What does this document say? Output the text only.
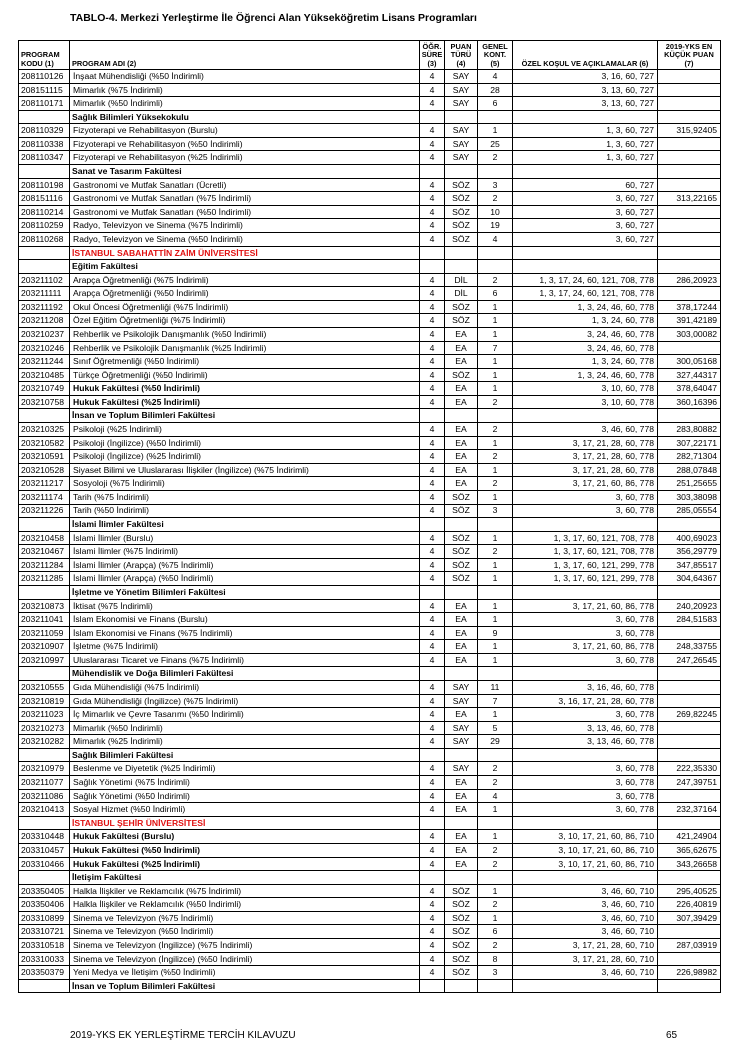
TABLO-4. Merkezi Yerleştirme İle Öğrenci Alan Yükseköğretim Lisans Programları
PROGRAM KODU (1)	PROGRAM ADI (2)	ÖĞR. SÜRE (3)	PUAN TÜRÜ (4)	GENEL KONT. (5)	ÖZEL KOŞUL VE AÇIKLAMALAR (6)	2019-YKS EN KÜÇÜK PUAN (7)
208110126	İnşaat Mühendisliği (%50 İndirimli)	4	SAY	4	3, 16, 60, 727	
208151115	Mimarlık (%75 İndirimli)	4	SAY	28	3, 13, 60, 727	
208110171	Mimarlık (%50 İndirimli)	4	SAY	6	3, 13, 60, 727	
	Sağlık Bilimleri Yüksekokulu					
208110329	Fizyoterapi ve Rehabilitasyon (Burslu)	4	SAY	1	1, 3, 60, 727	315,92405
208110338	Fizyoterapi ve Rehabilitasyon (%50 İndirimli)	4	SAY	25	1, 3, 60, 727	
208110347	Fizyoterapi ve Rehabilitasyon (%25 İndirimli)	4	SAY	2	1, 3, 60, 727	
	Sanat ve Tasarım Fakültesi					
208110198	Gastronomi ve Mutfak Sanatları (Ücretli)	4	SÖZ	3	60, 727	
208151116	Gastronomi ve Mutfak Sanatları (%75 İndirimli)	4	SÖZ	2	3, 60, 727	313,22165
208110214	Gastronomi ve Mutfak Sanatları (%50 İndirimli)	4	SÖZ	10	3, 60, 727	
208110259	Radyo, Televizyon ve Sinema (%75 İndirimli)	4	SÖZ	19	3, 60, 727	
208110268	Radyo, Televizyon ve Sinema (%50 İndirimli)	4	SÖZ	4	3, 60, 727	
	İSTANBUL SABAHATTİN ZAİM ÜNİVERSİTESİ					
	Eğitim Fakültesi					
203211102	Arapça Öğretmenliği (%75 İndirimli)	4	DİL	2	1, 3, 17, 24, 60, 121, 708, 778	286,20923
203211111	Arapça Öğretmenliği (%50 İndirimli)	4	DİL	6	1, 3, 17, 24, 60, 121, 708, 778	
203211192	Okul Öncesi Öğretmenliği (%75 İndirimli)	4	SÖZ	1	1, 3, 24, 46, 60, 778	378,17244
203211208	Özel Eğitim Öğretmenliği (%75 İndirimli)	4	SÖZ	1	1, 3, 24, 60, 778	391,42189
203210237	Rehberlik ve Psikolojik Danışmanlık (%50 İndirimli)	4	EA	1	3, 24, 46, 60, 778	303,00082
203210246	Rehberlik ve Psikolojik Danışmanlık (%25 İndirimli)	4	EA	7	3, 24, 46, 60, 778	
203211244	Sınıf Öğretmenliği (%50 İndirimli)	4	EA	1	1, 3, 24, 60, 778	300,05168
203210485	Türkçe Öğretmenliği (%50 İndirimli)	4	SÖZ	1	1, 3, 24, 46, 60, 778	327,44317
203210749	Hukuk Fakültesi (%50 İndirimli)	4	EA	1	3, 10, 60, 778	378,64047
203210758	Hukuk Fakültesi (%25 İndirimli)	4	EA	2	3, 10, 60, 778	360,16396
	İnsan ve Toplum Bilimleri Fakültesi					
203210325	Psikoloji (%25 İndirimli)	4	EA	2	3, 46, 60, 778	283,80882
203210582	Psikoloji (İngilizce) (%50 İndirimli)	4	EA	1	3, 17, 21, 28, 60, 778	307,22171
203210591	Psikoloji (İngilizce) (%25 İndirimli)	4	EA	2	3, 17, 21, 28, 60, 778	282,71304
203210528	Siyaset Bilimi ve Uluslararası İlişkiler (İngilizce) (%75 İndirimli)	4	EA	1	3, 17, 21, 28, 60, 778	288,07848
203211217	Sosyoloji (%75 İndirimli)	4	EA	2	3, 17, 21, 60, 86, 778	251,25655
203211174	Tarih (%75 İndirimli)	4	SÖZ	1	3, 60, 778	303,38098
203211226	Tarih (%50 İndirimli)	4	SÖZ	3	3, 60, 778	285,05554
	İslami İlimler Fakültesi					
203210458	İslami İlimler (Burslu)	4	SÖZ	1	1, 3, 17, 60, 121, 708, 778	400,69023
203210467	İslami İlimler (%75 İndirimli)	4	SÖZ	2	1, 3, 17, 60, 121, 708, 778	356,29779
203211284	İslami İlimler (Arapça) (%75 İndirimli)	4	SÖZ	1	1, 3, 17, 60, 121, 299, 778	347,85517
203211285	İslami İlimler (Arapça) (%50 İndirimli)	4	SÖZ	1	1, 3, 17, 60, 121, 299, 778	304,64367
	İşletme ve Yönetim Bilimleri Fakültesi					
203210873	İktisat (%75 İndirimli)	4	EA	1	3, 17, 21, 60, 86, 778	240,20923
203211041	İslam Ekonomisi ve Finans (Burslu)	4	EA	1	3, 60, 778	284,51583
203211059	İslam Ekonomisi ve Finans (%75 İndirimli)	4	EA	9	3, 60, 778	
203210907	İşletme (%75 İndirimli)	4	EA	1	3, 17, 21, 60, 86, 778	248,33755
203210997	Uluslararası Ticaret ve Finans (%75 İndirimli)	4	EA	1	3, 60, 778	247,26545
	Mühendislik ve Doğa Bilimleri Fakültesi					
203210555	Gıda Mühendisliği (%75 İndirimli)	4	SAY	11	3, 16, 46, 60, 778	
203210819	Gıda Mühendisliği (İngilizce) (%75 İndirimli)	4	SAY	7	3, 16, 17, 21, 28, 60, 778	
203211023	İç Mimarlık ve Çevre Tasarımı (%50 İndirimli)	4	EA	1	3, 60, 778	269,82245
203210273	Mimarlık (%50 İndirimli)	4	SAY	5	3, 13, 46, 60, 778	
203210282	Mimarlık (%25 İndirimli)	4	SAY	29	3, 13, 46, 60, 778	
	Sağlık Bilimleri Fakültesi					
203210979	Beslenme ve Diyetetik (%25 İndirimli)	4	SAY	2	3, 60, 778	222,35330
203211077	Sağlık Yönetimi (%75 İndirimli)	4	EA	2	3, 60, 778	247,39751
203211086	Sağlık Yönetimi (%50 İndirimli)	4	EA	4	3, 60, 778	
203210413	Sosyal Hizmet (%50 İndirimli)	4	EA	1	3, 60, 778	232,37164
	İSTANBUL ŞEHİR ÜNİVERSİTESİ					
203310448	Hukuk Fakültesi (Burslu)	4	EA	1	3, 10, 17, 21, 60, 86, 710	421,24904
203310457	Hukuk Fakültesi (%50 İndirimli)	4	EA	2	3, 10, 17, 21, 60, 86, 710	365,62675
203310466	Hukuk Fakültesi (%25 İndirimli)	4	EA	2	3, 10, 17, 21, 60, 86, 710	343,26658
	İletişim Fakültesi					
203350405	Halkla İlişkiler ve Reklamcılık (%75 İndirimli)	4	SÖZ	1	3, 46, 60, 710	295,40525
203350406	Halkla İlişkiler ve Reklamcılık (%50 İndirimli)	4	SÖZ	2	3, 46, 60, 710	226,40819
203310899	Sinema ve Televizyon (%75 İndirimli)	4	SÖZ	1	3, 46, 60, 710	307,39429
203310721	Sinema ve Televizyon (%50 İndirimli)	4	SÖZ	6	3, 46, 60, 710	
203310518	Sinema ve Televizyon (İngilizce) (%75 İndirimli)	4	SÖZ	2	3, 17, 21, 28, 60, 710	287,03919
203310033	Sinema ve Televizyon (İngilizce) (%50 İndirimli)	4	SÖZ	8	3, 17, 21, 28, 60, 710	
203350379	Yeni Medya ve İletişim (%50 İndirimli)	4	SÖZ	3	3, 46, 60, 710	226,98982
	İnsan ve Toplum Bilimleri Fakültesi					
2019-YKS EK YERLEŞTİRME TERCİH KILAVUZU	65
